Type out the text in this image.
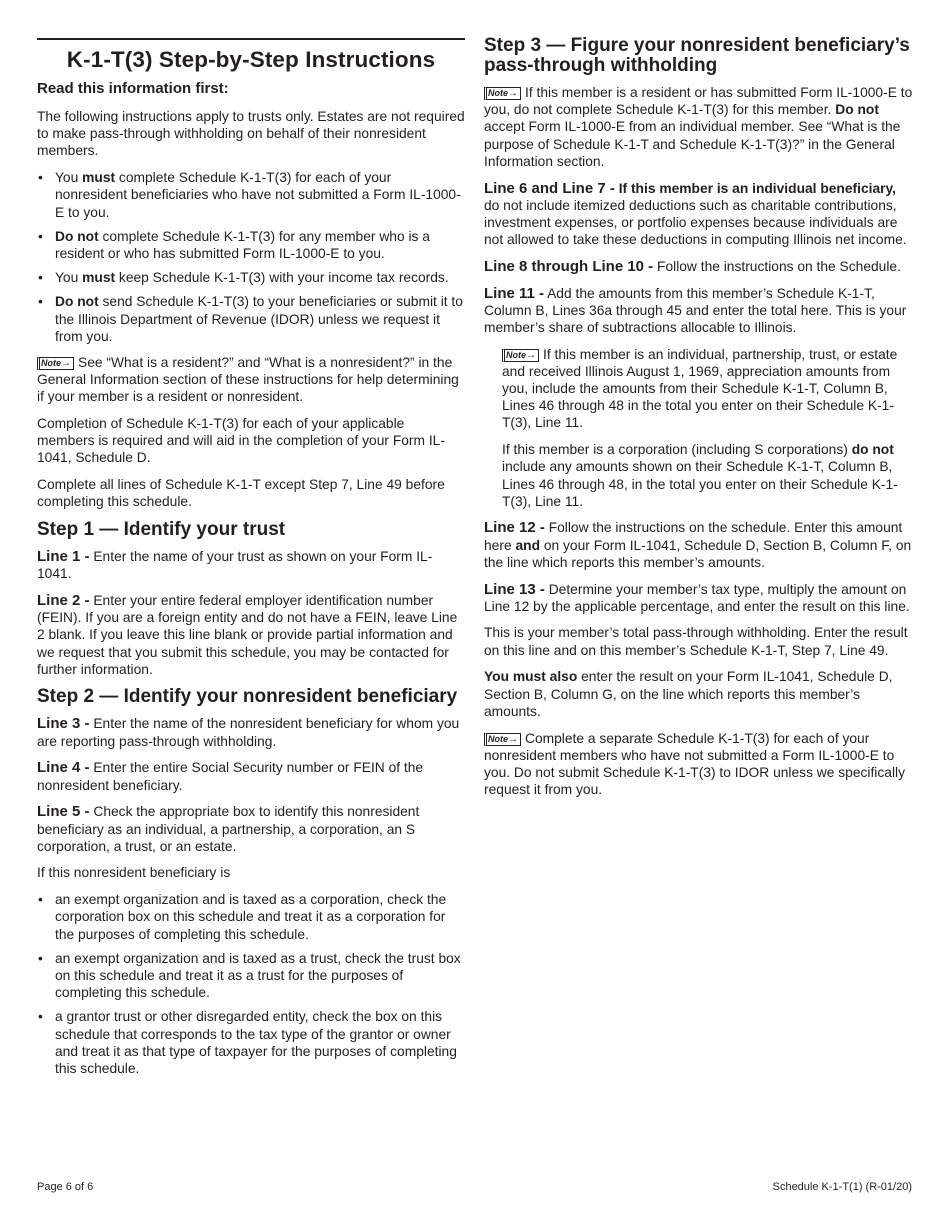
K-1-T(3) Step-by-Step Instructions
Read this information first:

The following instructions apply to trusts only. Estates are not required to make pass-through withholding on behalf of their nonresident members.

• You must complete Schedule K-1-T(3) for each of your nonresident beneficiaries who have not submitted a Form IL-1000-E to you.
• Do not complete Schedule K-1-T(3) for any member who is a resident or who has submitted Form IL-1000-E to you.
• You must keep Schedule K-1-T(3) with your income tax records.
• Do not send Schedule K-1-T(3) to your beneficiaries or submit it to the Illinois Department of Revenue (IDOR) unless we request it from you.

Note→ See “What is a resident?” and “What is a nonresident?” in the General Information section of these instructions for help determining if your member is a resident or nonresident.

Completion of Schedule K-1-T(3) for each of your applicable members is required and will aid in the completion of your Form IL-1041, Schedule D.

Complete all lines of Schedule K-1-T except Step 7, Line 49 before completing this schedule.

Step 1 — Identify your trust

Line 1 - Enter the name of your trust as shown on your Form IL-1041.

Line 2 - Enter your entire federal employer identification number (FEIN). If you are a foreign entity and do not have a FEIN, leave Line 2 blank. If you leave this line blank or provide partial information and we request that you submit this schedule, you may be contacted for further information.

Step 2 — Identify your nonresident beneficiary

Line 3 - Enter the name of the nonresident beneficiary for whom you are reporting pass-through withholding.

Line 4 - Enter the entire Social Security number or FEIN of the nonresident beneficiary.

Line 5 - Check the appropriate box to identify this nonresident beneficiary as an individual, a partnership, a corporation, an S corporation, a trust, or an estate.

If this nonresident beneficiary is

• an exempt organization and is taxed as a corporation, check the corporation box on this schedule and treat it as a corporation for the purposes of completing this schedule.
• an exempt organization and is taxed as a trust, check the trust box on this schedule and treat it as a trust for the purposes of completing this schedule.
• a grantor trust or other disregarded entity, check the box on this schedule that corresponds to the tax type of the grantor or owner and treat it as that type of taxpayer for the purposes of completing this schedule.
Step 3 — Figure your nonresident beneficiary’s pass-through withholding

Note→ If this member is a resident or has submitted Form IL-1000-E to you, do not complete Schedule K-1-T(3) for this member. Do not accept Form IL-1000-E from an individual member. See “What is the purpose of Schedule K-1-T and Schedule K-1-T(3)?” in the General Information section.

Line 6 and Line 7 - If this member is an individual beneficiary, do not include itemized deductions such as charitable contributions, investment expenses, or portfolio expenses because individuals are not allowed to take these deductions in computing Illinois net income.

Line 8 through Line 10 - Follow the instructions on the Schedule.

Line 11 - Add the amounts from this member’s Schedule K-1-T, Column B, Lines 36a through 45 and enter the total here. This is your member’s share of subtractions allocable to Illinois.

Note→ If this member is an individual, partnership, trust, or estate and received Illinois August 1, 1969, appreciation amounts from you, include the amounts from their Schedule K-1-T, Column B, Lines 46 through 48 in the total you enter on their Schedule K-1-T(3), Line 11.

If this member is a corporation (including S corporations) do not include any amounts shown on their Schedule K-1-T, Column B, Lines 46 through 48, in the total you enter on their Schedule K-1-T(3), Line 11.

Line 12 - Follow the instructions on the schedule. Enter this amount here and on your Form IL-1041, Schedule D, Section B, Column F, on the line which reports this member’s amounts.

Line 13 - Determine your member’s tax type, multiply the amount on Line 12 by the applicable percentage, and enter the result on this line.

This is your member’s total pass-through withholding. Enter the result on this line and on this member’s Schedule K-1-T, Step 7, Line 49.

You must also enter the result on your Form IL-1041, Schedule D, Section B, Column G, on the line which reports this member’s amounts.

Note→ Complete a separate Schedule K-1-T(3) for each of your nonresident members who have not submitted a Form IL-1000-E to you. Do not submit Schedule K-1-T(3) to IDOR unless we specifically request it from you.

Page 6 of 6	Schedule K-1-T(1) (R-01/20)
